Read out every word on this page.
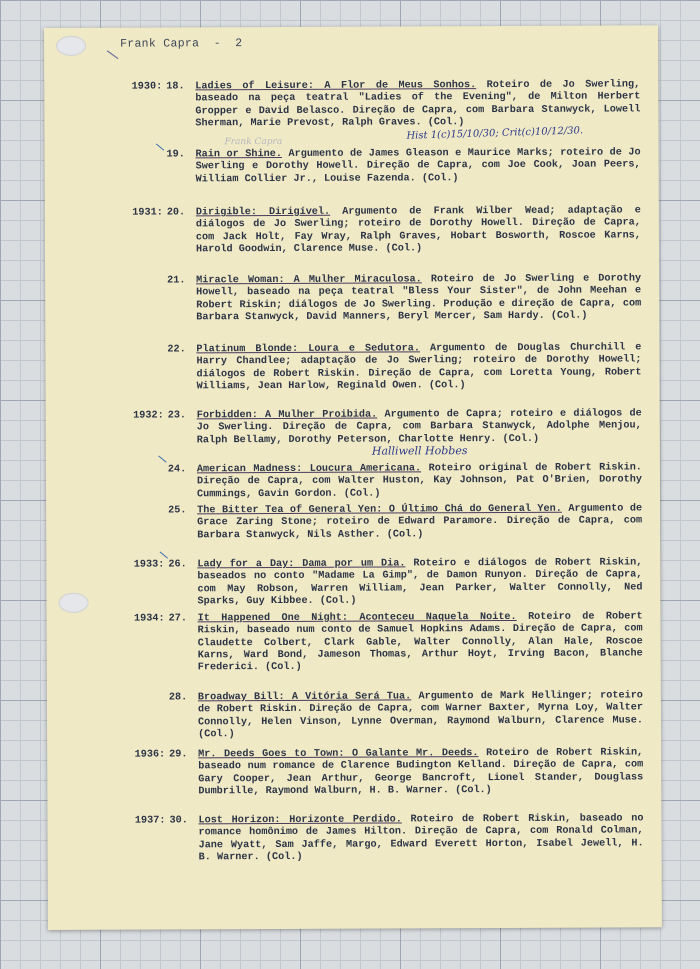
Frank Capra  -  2
1930: 18.	Ladies of Leisure: A Flor de Meus Sonhos. Roteiro de Jo Swerling, baseado na peça teatral "Ladies of the Evening", de Milton Herbert Gropper e David Belasco. Direção de Capra, com Barbara Stanwyck, Lowell Sherman, Marie Prevost, Ralph Graves. (Col.)
Hist 1(c)15/10/30; Crit(c)10/12/30.
Frank Capra
19.	Rain or Shine. Argumento de James Gleason e Maurice Marks; roteiro de Jo Swerling e Dorothy Howell. Direção de Capra, com Joe Cook, Joan Peers, William Collier Jr., Louise Fazenda. (Col.)
1931: 20.	Dirigible: Dirigível. Argumento de Frank Wilber Wead; adaptação e diálogos de Jo Swerling; roteiro de Dorothy Howell. Direção de Capra, com Jack Holt, Fay Wray, Ralph Graves, Hobart Bosworth, Roscoe Karns, Harold Goodwin, Clarence Muse. (Col.)
21.	Miracle Woman: A Mulher Miraculosa. Roteiro de Jo Swerling e Dorothy Howell, baseado na peça teatral "Bless Your Sister", de John Meehan e Robert Riskin; diálogos de Jo Swerling. Produção e direção de Capra, com Barbara Stanwyck, David Manners, Beryl Mercer, Sam Hardy. (Col.)
22.	Platinum Blonde: Loura e Sedutora. Argumento de Douglas Churchill e Harry Chandlee; adaptação de Jo Swerling; roteiro de Dorothy Howell; diálogos de Robert Riskin. Direção de Capra, com Loretta Young, Robert Williams, Jean Harlow, Reginald Owen. (Col.)
1932: 23.	Forbidden: A Mulher Proibida. Argumento de Capra; roteiro e diálogos de Jo Swerling. Direção de Capra, com Barbara Stanwyck, Adolphe Menjou, Ralph Bellamy, Dorothy Peterson, Charlotte Henry. (Col.)
Halliwell Hobbes
24.	American Madness: Loucura Americana. Roteiro original de Robert Riskin. Direção de Capra, com Walter Huston, Kay Johnson, Pat O'Brien, Dorothy Cummings, Gavin Gordon. (Col.)
25.	The Bitter Tea of General Yen: O Último Chá do General Yen. Argumento de Grace Zaring Stone; roteiro de Edward Paramore. Direção de Capra, com Barbara Stanwyck, Nils Asther. (Col.)
1933: 26.	Lady for a Day: Dama por um Dia. Roteiro e diálogos de Robert Riskin, baseados no conto "Madame La Gimp", de Damon Runyon. Direção de Capra, com May Robson, Warren William, Jean Parker, Walter Connolly, Ned Sparks, Guy Kibbee. (Col.)
1934: 27.	It Happened One Night: Aconteceu Naquela Noite. Roteiro de Robert Riskin, baseado num conto de Samuel Hopkins Adams. Direção de Capra, com Claudette Colbert, Clark Gable, Walter Connolly, Alan Hale, Roscoe Karns, Ward Bond, Jameson Thomas, Arthur Hoyt, Irving Bacon, Blanche Frederici. (Col.)
28.	Broadway Bill: A Vitória Será Tua. Argumento de Mark Hellinger; roteiro de Robert Riskin. Direção de Capra, com Warner Baxter, Myrna Loy, Walter Connolly, Helen Vinson, Lynne Overman, Raymond Walburn, Clarence Muse. (Col.)
1936: 29.	Mr. Deeds Goes to Town: O Galante Mr. Deeds. Roteiro de Robert Riskin, baseado num romance de Clarence Budington Kelland. Direção de Capra, com Gary Cooper, Jean Arthur, George Bancroft, Lionel Stander, Douglass Dumbrille, Raymond Walburn, H. B. Warner. (Col.)
1937: 30.	Lost Horizon: Horizonte Perdido. Roteiro de Robert Riskin, baseado no romance homônimo de James Hilton. Direção de Capra, com Ronald Colman, Jane Wyatt, Sam Jaffe, Margo, Edward Everett Horton, Isabel Jewell, H. B. Warner. (Col.)
